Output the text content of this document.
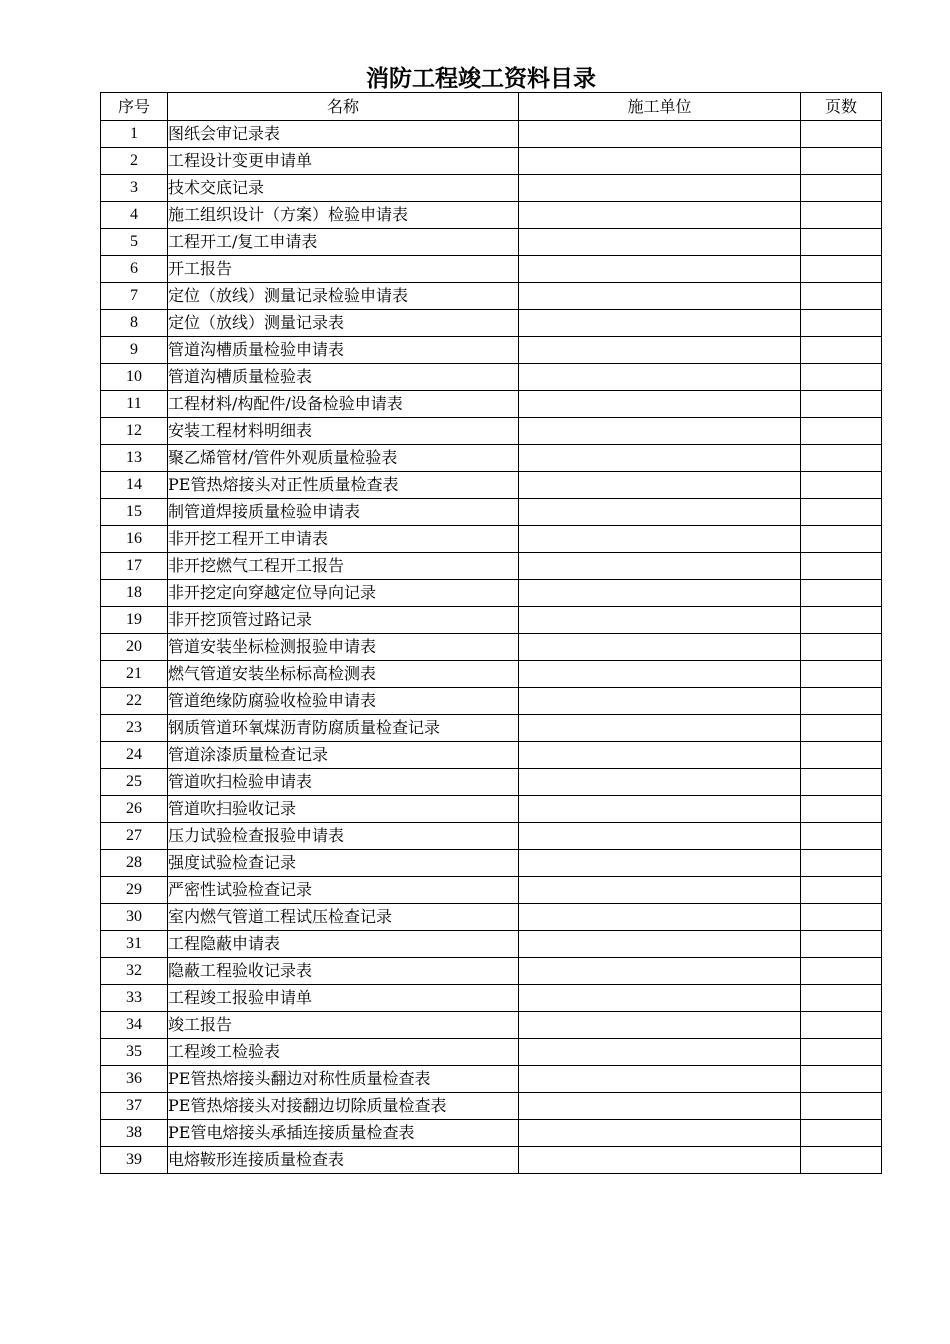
消防工程竣工资料目录
序号	名称	施工单位	页数
1	图纸会审记录表		
2	工程设计变更申请单		
3	技术交底记录		
4	施工组织设计（方案）检验申请表		
5	工程开工/复工申请表		
6	开工报告		
7	定位（放线）测量记录检验申请表		
8	定位（放线）测量记录表		
9	管道沟槽质量检验申请表		
10	管道沟槽质量检验表		
11	工程材料/构配件/设备检验申请表		
12	安装工程材料明细表		
13	聚乙烯管材/管件外观质量检验表		
14	PE管热熔接头对正性质量检查表		
15	制管道焊接质量检验申请表		
16	非开挖工程开工申请表		
17	非开挖燃气工程开工报告		
18	非开挖定向穿越定位导向记录		
19	非开挖顶管过路记录		
20	管道安装坐标检测报验申请表		
21	燃气管道安装坐标标高检测表		
22	管道绝缘防腐验收检验申请表		
23	钢质管道环氧煤沥青防腐质量检查记录		
24	管道涂漆质量检查记录		
25	管道吹扫检验申请表		
26	管道吹扫验收记录		
27	压力试验检查报验申请表		
28	强度试验检查记录		
29	严密性试验检查记录		
30	室内燃气管道工程试压检查记录		
31	工程隐蔽申请表		
32	隐蔽工程验收记录表		
33	工程竣工报验申请单		
34	竣工报告		
35	工程竣工检验表		
36	PE管热熔接头翻边对称性质量检查表		
37	PE管热熔接头对接翻边切除质量检查表		
38	PE管电熔接头承插连接质量检查表		
39	电熔鞍形连接质量检查表		
